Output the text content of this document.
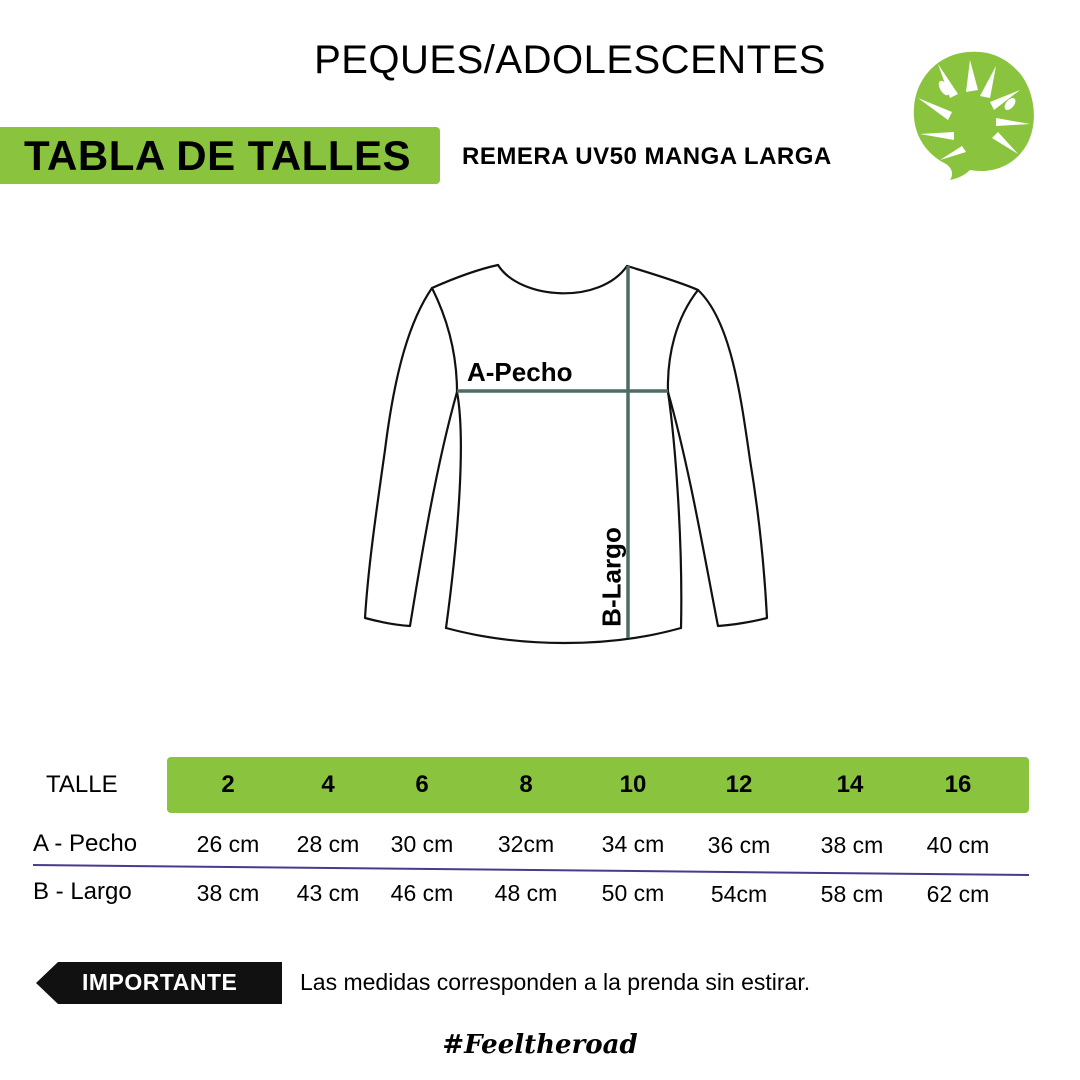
PEQUES/ADOLESCENTES
TABLA DE TALLES REMERA UV50 MANGA LARGA
A-Pecho
B-Largo
TALLE	2	4	6	8	10	12	14	16
A - Pecho	26 cm 28 cm 30 cm 32cm 34 cm 36 cm 38 cm 40 cm
B - Largo	38 cm 43 cm 46 cm 48 cm 50 cm 54cm 58 cm 62 cm
IMPORTANTE	Las medidas corresponden a la prenda sin estirar.
#Feeltheroad
